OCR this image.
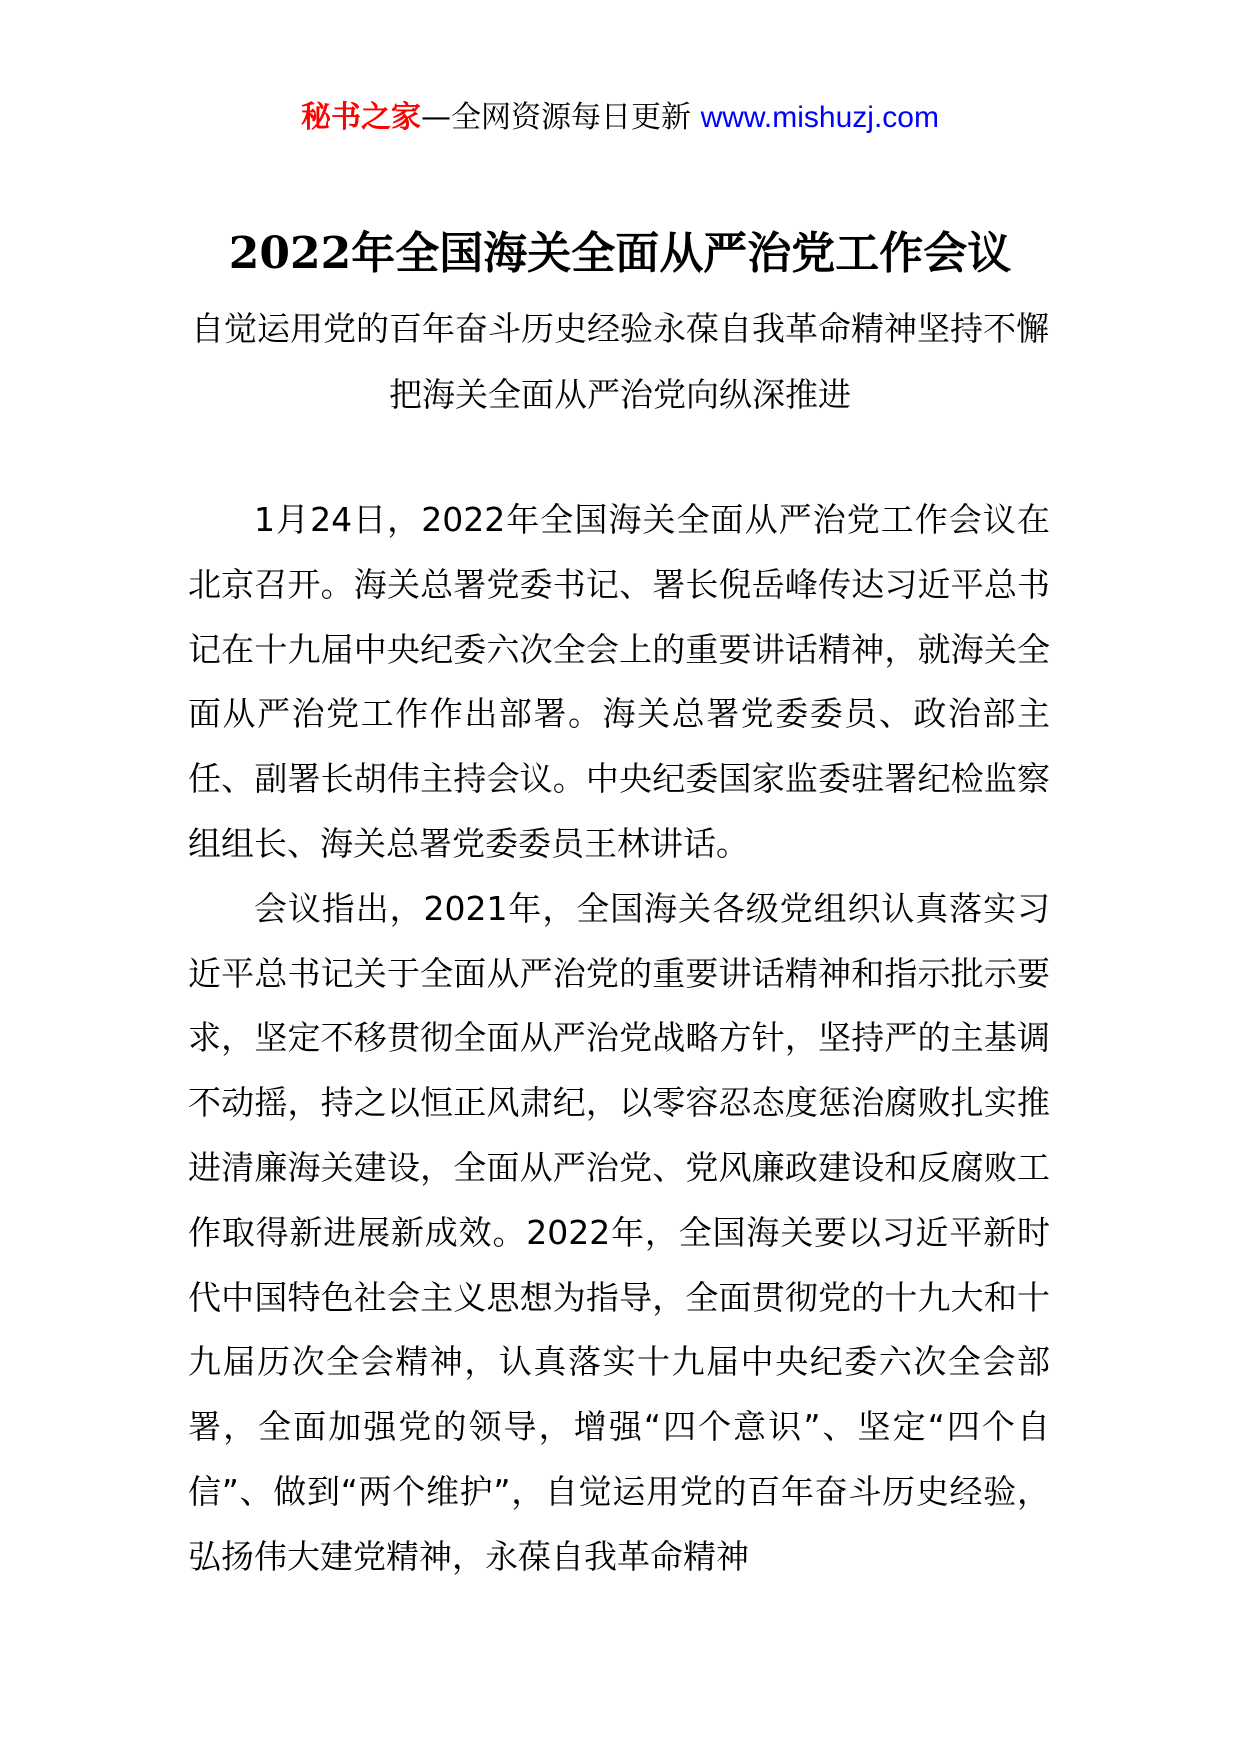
秘书之家—全网资源每日更新 www.mishuzj.com
2022年全国海关全面从严治党工作会议
自觉运用党的百年奋斗历史经验永葆自我革命精神坚持不懈把海关全面从严治党向纵深推进

1月24日，2022年全国海关全面从严治党工作会议在北京召开。海关总署党委书记、署长倪岳峰传达习近平总书记在十九届中央纪委六次全会上的重要讲话精神，就海关全面从严治党工作作出部署。海关总署党委委员、政治部主任、副署长胡伟主持会议。中央纪委国家监委驻署纪检监察组组长、海关总署党委委员王林讲话。

会议指出，2021年，全国海关各级党组织认真落实习近平总书记关于全面从严治党的重要讲话精神和指示批示要求，坚定不移贯彻全面从严治党战略方针，坚持严的主基调不动摇，持之以恒正风肃纪，以零容忍态度惩治腐败扎实推进清廉海关建设，全面从严治党、党风廉政建设和反腐败工作取得新进展新成效。2022年，全国海关要以习近平新时代中国特色社会主义思想为指导，全面贯彻党的十九大和十九届历次全会精神，认真落实十九届中央纪委六次全会部署，全面加强党的领导，增强“四个意识”、坚定“四个自信”、做到“两个维护”，自觉运用党的百年奋斗历史经验，弘扬伟大建党精神，永葆自我革命精神
